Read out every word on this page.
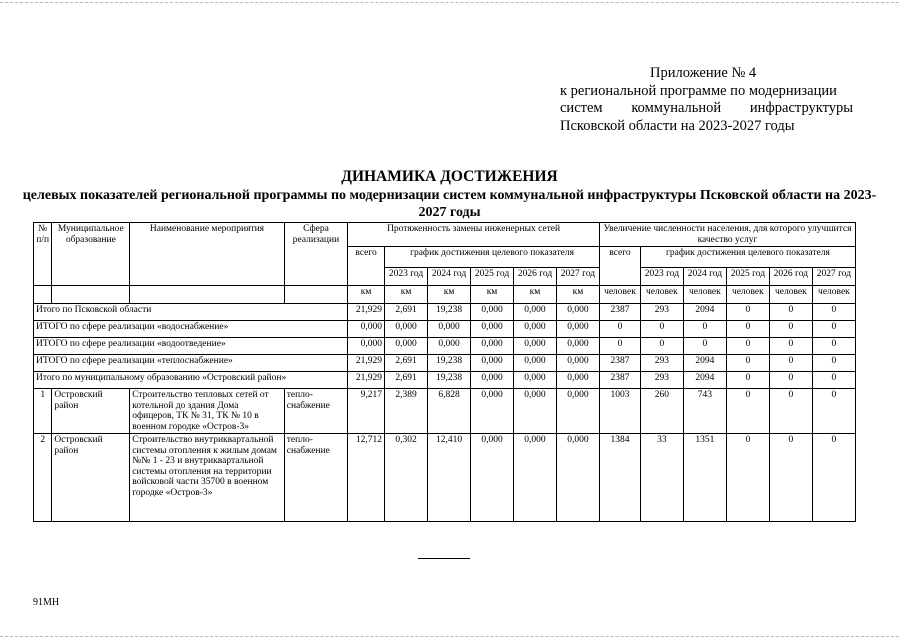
Приложение № 4
к региональной программе по модернизации
систем коммунальной инфраструктуры
Псковской области на 2023-2027 годы
ДИНАМИКА ДОСТИЖЕНИЯ
целевых показателей региональной программы по модернизации систем коммунальной инфраструктуры Псковской области на 2023-2027 годы
№ п/п	Муниципальное образование	Наименование мероприятия	Сфера реализации	Протяженность замены инженерных сетей						Увеличение численности населения, для которого улучшится качество услуг					
				всего	график достижения целевого показателя					всего	график достижения целевого показателя				
					2023 год	2024 год	2025 год	2026 год	2027 год		2023 год	2024 год	2025 год	2026 год	2027 год
				км	км	км	км	км	км	человек	человек	человек	человек	человек	человек
Итого по Псковской области				21,929	2,691	19,238	0,000	0,000	0,000	2387	293	2094	0	0	0
ИТОГО по сфере реализации «водоснабжение»				0,000	0,000	0,000	0,000	0,000	0,000	0	0	0	0	0	0
ИТОГО по сфере реализации «водоотведение»				0,000	0,000	0,000	0,000	0,000	0,000	0	0	0	0	0	0
ИТОГО по сфере реализации «теплоснабжение»				21,929	2,691	19,238	0,000	0,000	0,000	2387	293	2094	0	0	0
Итого по муниципальному образованию «Островский район»				21,929	2,691	19,238	0,000	0,000	0,000	2387	293	2094	0	0	0
1	Островский район	Строительство тепловых сетей от котельной до здания Дома офицеров, ТК № 31, ТК № 10 в военном городке «Остров-3»	тепло-снабжение	9,217	2,389	6,828	0,000	0,000	0,000	1003	260	743	0	0	0
2	Островский район	Строительство внутриквартальной системы отопления к жилым домам №№ 1 - 23 и внутриквартальной системы отопления на территории войсковой части 35700 в военном городке «Остров-3»	тепло-снабжение	12,712	0,302	12,410	0,000	0,000	0,000	1384	33	1351	0	0	0
91МН
